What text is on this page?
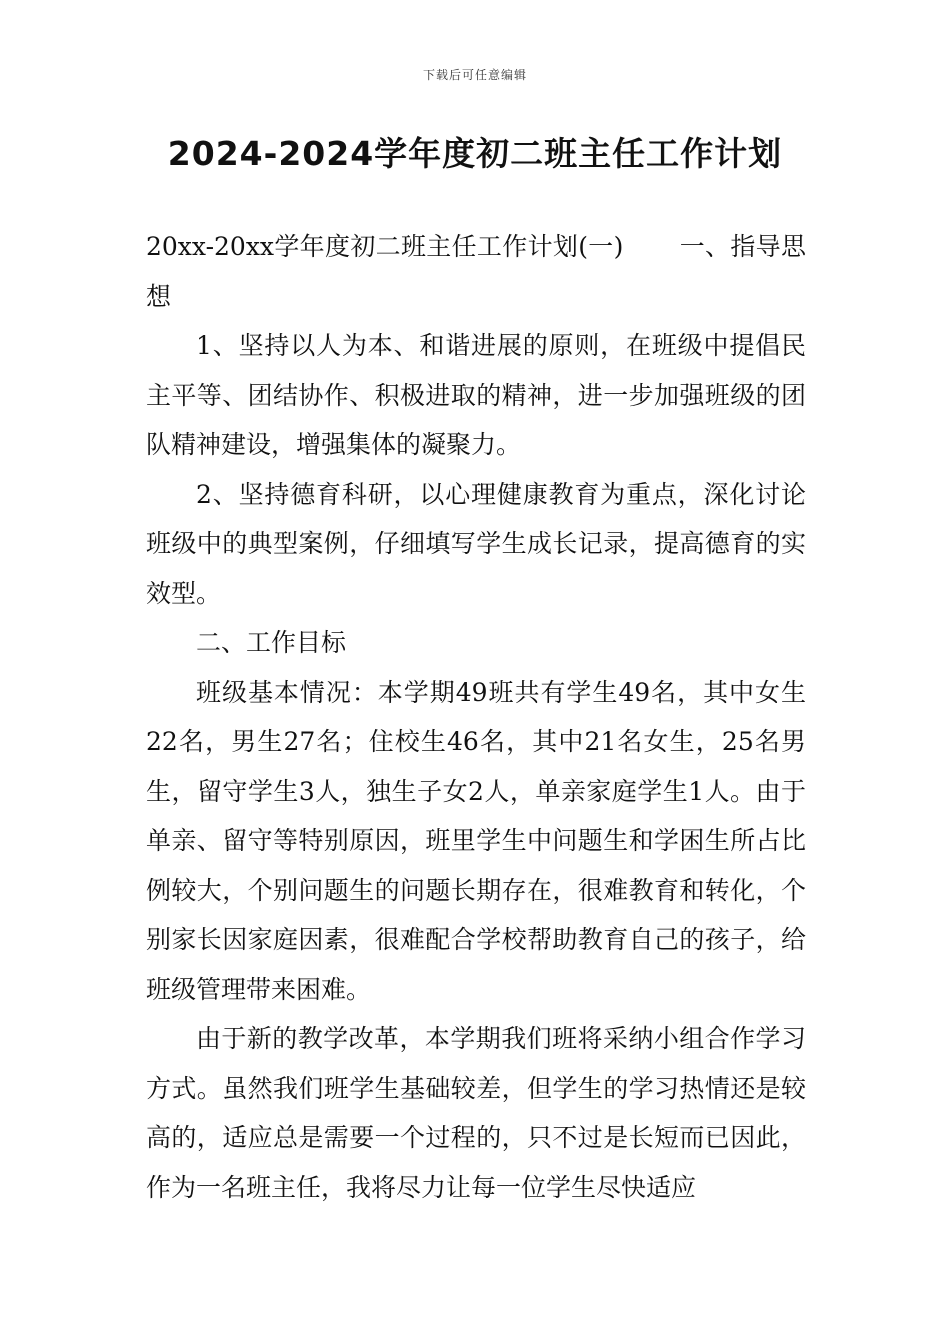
下载后可任意编辑
2024-2024学年度初二班主任工作计划

20xx-20xx学年度初二班主任工作计划(一) 一、指导思想

1、坚持以人为本、和谐进展的原则，在班级中提倡民主平等、团结协作、积极进取的精神，进一步加强班级的团队精神建设，增强集体的凝聚力。

2、坚持德育科研，以心理健康教育为重点，深化讨论班级中的典型案例，仔细填写学生成长记录，提高德育的实效型。

二、工作目标

班级基本情况：本学期49班共有学生49名，其中女生22名，男生27名；住校生46名，其中21名女生，25名男生，留守学生3人，独生子女2人，单亲家庭学生1人。由于单亲、留守等特别原因，班里学生中问题生和学困生所占比例较大，个别问题生的问题长期存在，很难教育和转化，个别家长因家庭因素，很难配合学校帮助教育自己的孩子，给班级管理带来困难。

由于新的教学改革，本学期我们班将采纳小组合作学习方式。虽然我们班学生基础较差，但学生的学习热情还是较高的，适应总是需要一个过程的，只不过是长短而已因此，作为一名班主任，我将尽力让每一位学生尽快适应
